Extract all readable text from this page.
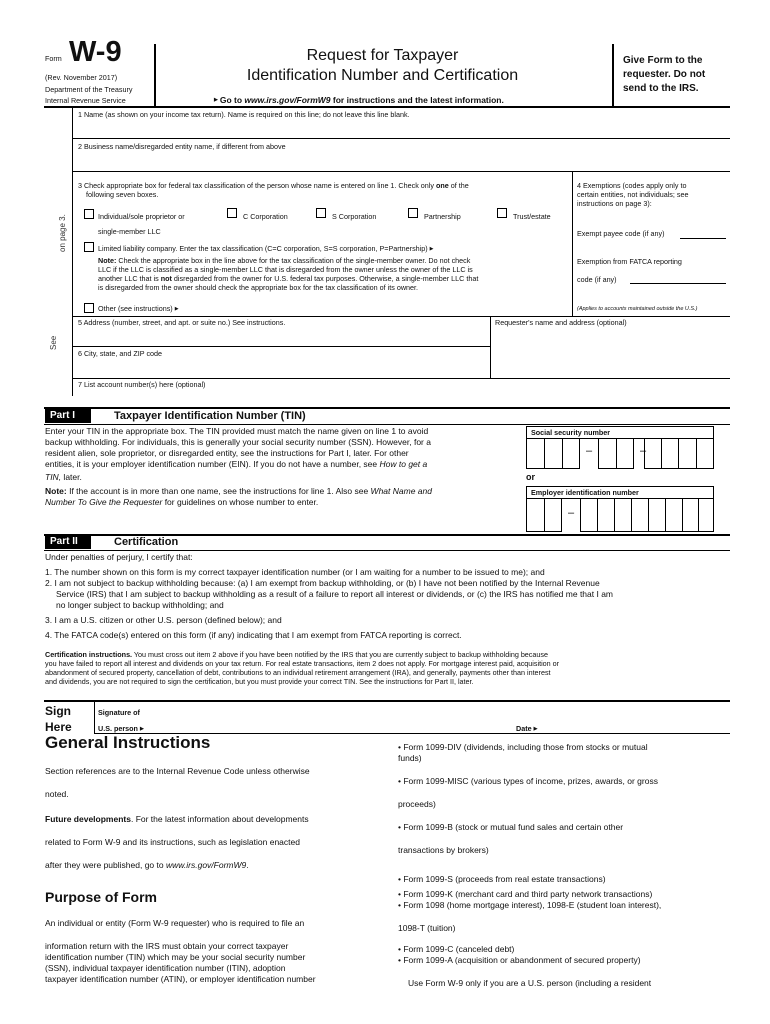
Form W-9
(Rev. November 2017)
Department of the Treasury
Internal Revenue Service
Request for Taxpayer
Identification Number and Certification
▶ Go to www.irs.gov/FormW9 for instructions and the latest information.
Give Form to the
requester. Do not
send to the IRS.
See
on page 3.
1 Name (as shown on your income tax return). Name is required on this line; do not leave this line blank.
2 Business name/disregarded entity name, if different from above
3 Check appropriate box for federal tax classification of the person whose name is entered on line 1. Check only one of the
following seven boxes.
Individual/sole proprietor or
single-member LLC
C Corporation	S Corporation	Partnership	Trust/estate
Limited liability company. Enter the tax classification (C=C corporation, S=S corporation, P=Partnership)▶
Note: Check the appropriate box in the line above for the tax classification of the single-member owner. Do not check
LLC if the LLC is classified as a single-member LLC that is disregarded from the owner unless the owner of the LLC is
another LLC that is not disregarded from the owner for U.S. federal tax purposes. Otherwise, a single-member LLC that
is disregarded from the owner should check the appropriate box for the tax classification of its owner.
Other (see instructions)▶
4 Exemptions (codes apply only to
certain entities, not individuals; see
instructions on page 3):
Exempt payee code (if any)
Exemption from FATCA reporting
code (if any)
(Applies to accounts maintained outside the U.S.)
5 Address (number, street, and apt. or suite no.) See instructions.	Requester's name and address (optional)
6 City, state, and ZIP code
7 List account number(s) here (optional)
Part I	Taxpayer Identification Number (TIN)
Enter your TIN in the appropriate box. The TIN provided must match the name given on line 1 to avoid
backup withholding. For individuals, this is generally your social security number (SSN). However, for a
resident alien, sole proprietor, or disregarded entity, see the instructions for Part I, later. For other
entities, it is your employer identification number (EIN). If you do not have a number, see How to get a
TIN, later.
Note: If the account is in more than one name, see the instructions for line 1. Also see What Name and
Number To Give the Requester for guidelines on whose number to enter.
Social security number
–	–
or
Employer identification number
–
Part II	Certification
Under penalties of perjury, I certify that:
1. The number shown on this form is my correct taxpayer identification number (or I am waiting for a number to be issued to me); and
2. I am not subject to backup withholding because: (a) I am exempt from backup withholding, or (b) I have not been notified by the Internal Revenue
Service (IRS) that I am subject to backup withholding as a result of a failure to report all interest or dividends, or (c) the IRS has notified me that I am
no longer subject to backup withholding; and
3. I am a U.S. citizen or other U.S. person (defined below); and
4. The FATCA code(s) entered on this form (if any) indicating that I am exempt from FATCA reporting is correct.
Certification instructions. You must cross out item 2 above if you have been notified by the IRS that you are currently subject to backup withholding because
you have failed to report all interest and dividends on your tax return. For real estate transactions, item 2 does not apply. For mortgage interest paid, acquisition or
abandonment of secured property, cancellation of debt, contributions to an individual retirement arrangement (IRA), and generally, payments other than interest
and dividends, you are not required to sign the certification, but you must provide your correct TIN. See the instructions for Part II, later.
Sign
Here
Signature of
U.S. person▶	Date▶
General Instructions
Section references are to the Internal Revenue Code unless otherwise
noted.
Future developments. For the latest information about developments
related to Form W-9 and its instructions, such as legislation enacted
after they were published, go to www.irs.gov/FormW9.
Purpose of Form
An individual or entity (Form W-9 requester) who is required to file an
information return with the IRS must obtain your correct taxpayer
identification number (TIN) which may be your social security number
(SSN), individual taxpayer identification number (ITIN), adoption
taxpayer identification number (ATIN), or employer identification number
• Form 1099-DIV (dividends, including those from stocks or mutual
funds)
• Form 1099-MISC (various types of income, prizes, awards, or gross
proceeds)
• Form 1099-B (stock or mutual fund sales and certain other
transactions by brokers)
• Form 1099-S (proceeds from real estate transactions)
• Form 1099-K (merchant card and third party network transactions)
• Form 1098 (home mortgage interest), 1098-E (student loan interest),
1098-T (tuition)
• Form 1099-C (canceled debt)
• Form 1099-A (acquisition or abandonment of secured property)
Use Form W-9 only if you are a U.S. person (including a resident
